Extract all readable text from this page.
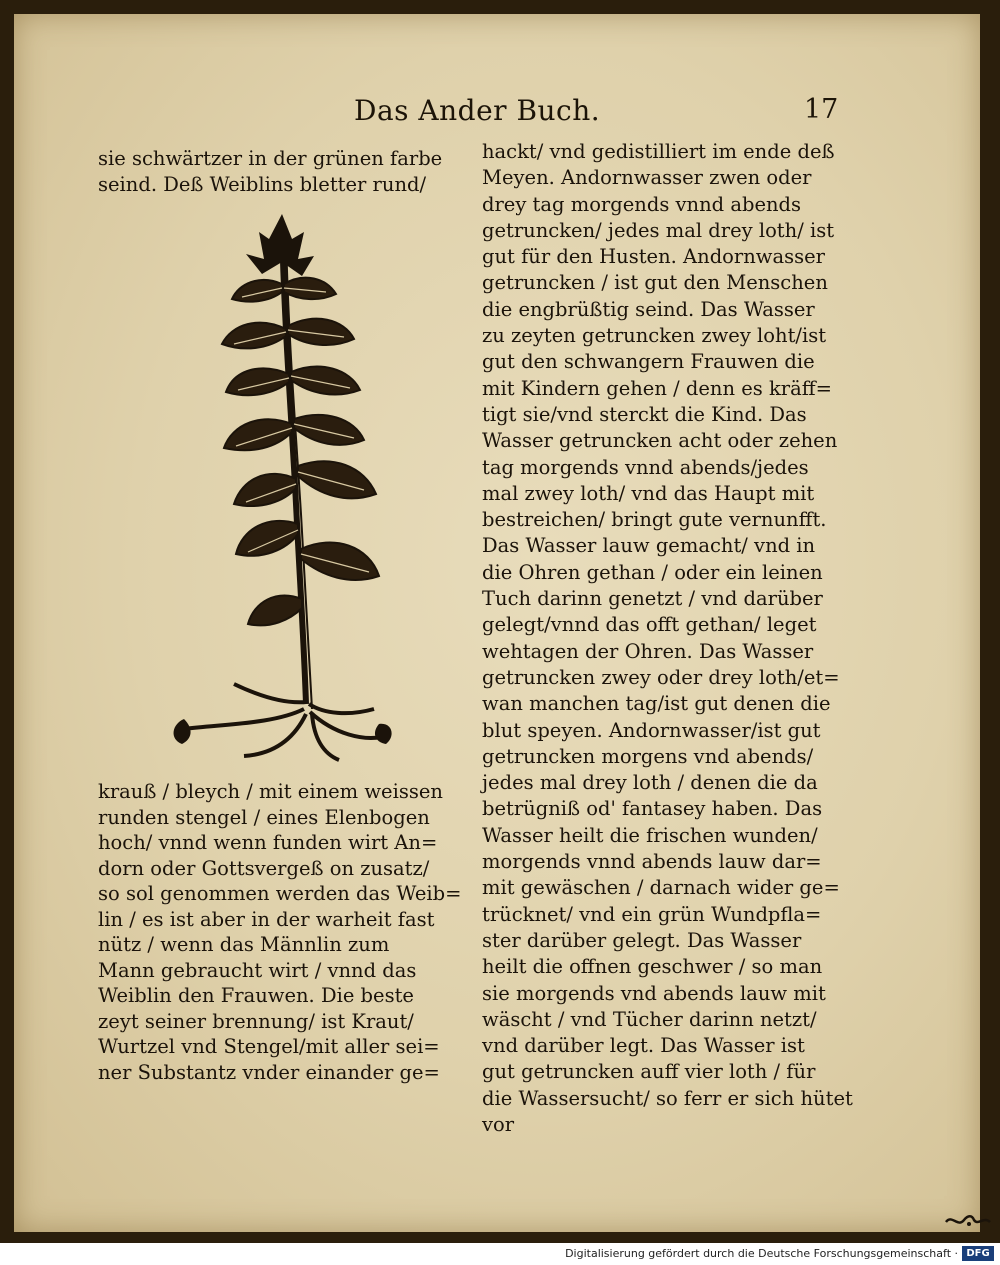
Das Ander Buch.	17
sie schwärtzer in der grünen farbe
seind. Deß Weiblins bletter rund/
krauß / bleych / mit einem weissen
runden stengel / eines Elenbogen
hoch/ vnnd wenn funden wirt An=
dorn oder Gottsvergeß on zusatz/
so sol genommen werden das Weib=
lin / es ist aber in der warheit fast
nütz / wenn das Männlin zum
Mann gebraucht wirt / vnnd das
Weiblin den Frauwen. Die beste
zeyt seiner brennung/ ist Kraut/
Wurtzel vnd Stengel/mit aller sei=
ner Substantz vnder einander ge=
hackt/ vnd gedistilliert im ende deß
Meyen. Andornwasser zwen oder
drey tag morgends vnnd abends
getruncken/ jedes mal drey loth/ ist
gut für den Husten. Andornwasser
getruncken / ist gut den Menschen
die engbrüßtig seind. Das Wasser
zu zeyten getruncken zwey loht/ist
gut den schwangern Frauwen die
mit Kindern gehen / denn es kräff=
tigt sie/vnd sterckt die Kind. Das
Wasser getruncken acht oder zehen
tag morgends vnnd abends/jedes
mal zwey loth/ vnd das Haupt mit
bestreichen/ bringt gute vernunfft.
Das Wasser lauw gemacht/ vnd in
die Ohren gethan / oder ein leinen
Tuch darinn genetzt / vnd darüber
gelegt/vnnd das offt gethan/ leget
wehtagen der Ohren. Das Wasser
getruncken zwey oder drey loth/et=
wan manchen tag/ist gut denen die
blut speyen. Andornwasser/ist gut
getruncken morgens vnd abends/
jedes mal drey loth / denen die da
betrügniß od' fantasey haben. Das
Wasser heilt die frischen wunden/
morgends vnnd abends lauw dar=
mit gewäschen / darnach wider ge=
trücknet/ vnd ein grün Wundpfla=
ster darüber gelegt. Das Wasser
heilt die offnen geschwer / so man
sie morgends vnd abends lauw mit
wäscht / vnd Tücher darinn netzt/
vnd darüber legt. Das Wasser ist
gut getruncken auff vier loth / für
die Wassersucht/ so ferr er sich hütet
vor
Digitalisierung gefördert durch die Deutsche Forschungsgemeinschaft · DFG
